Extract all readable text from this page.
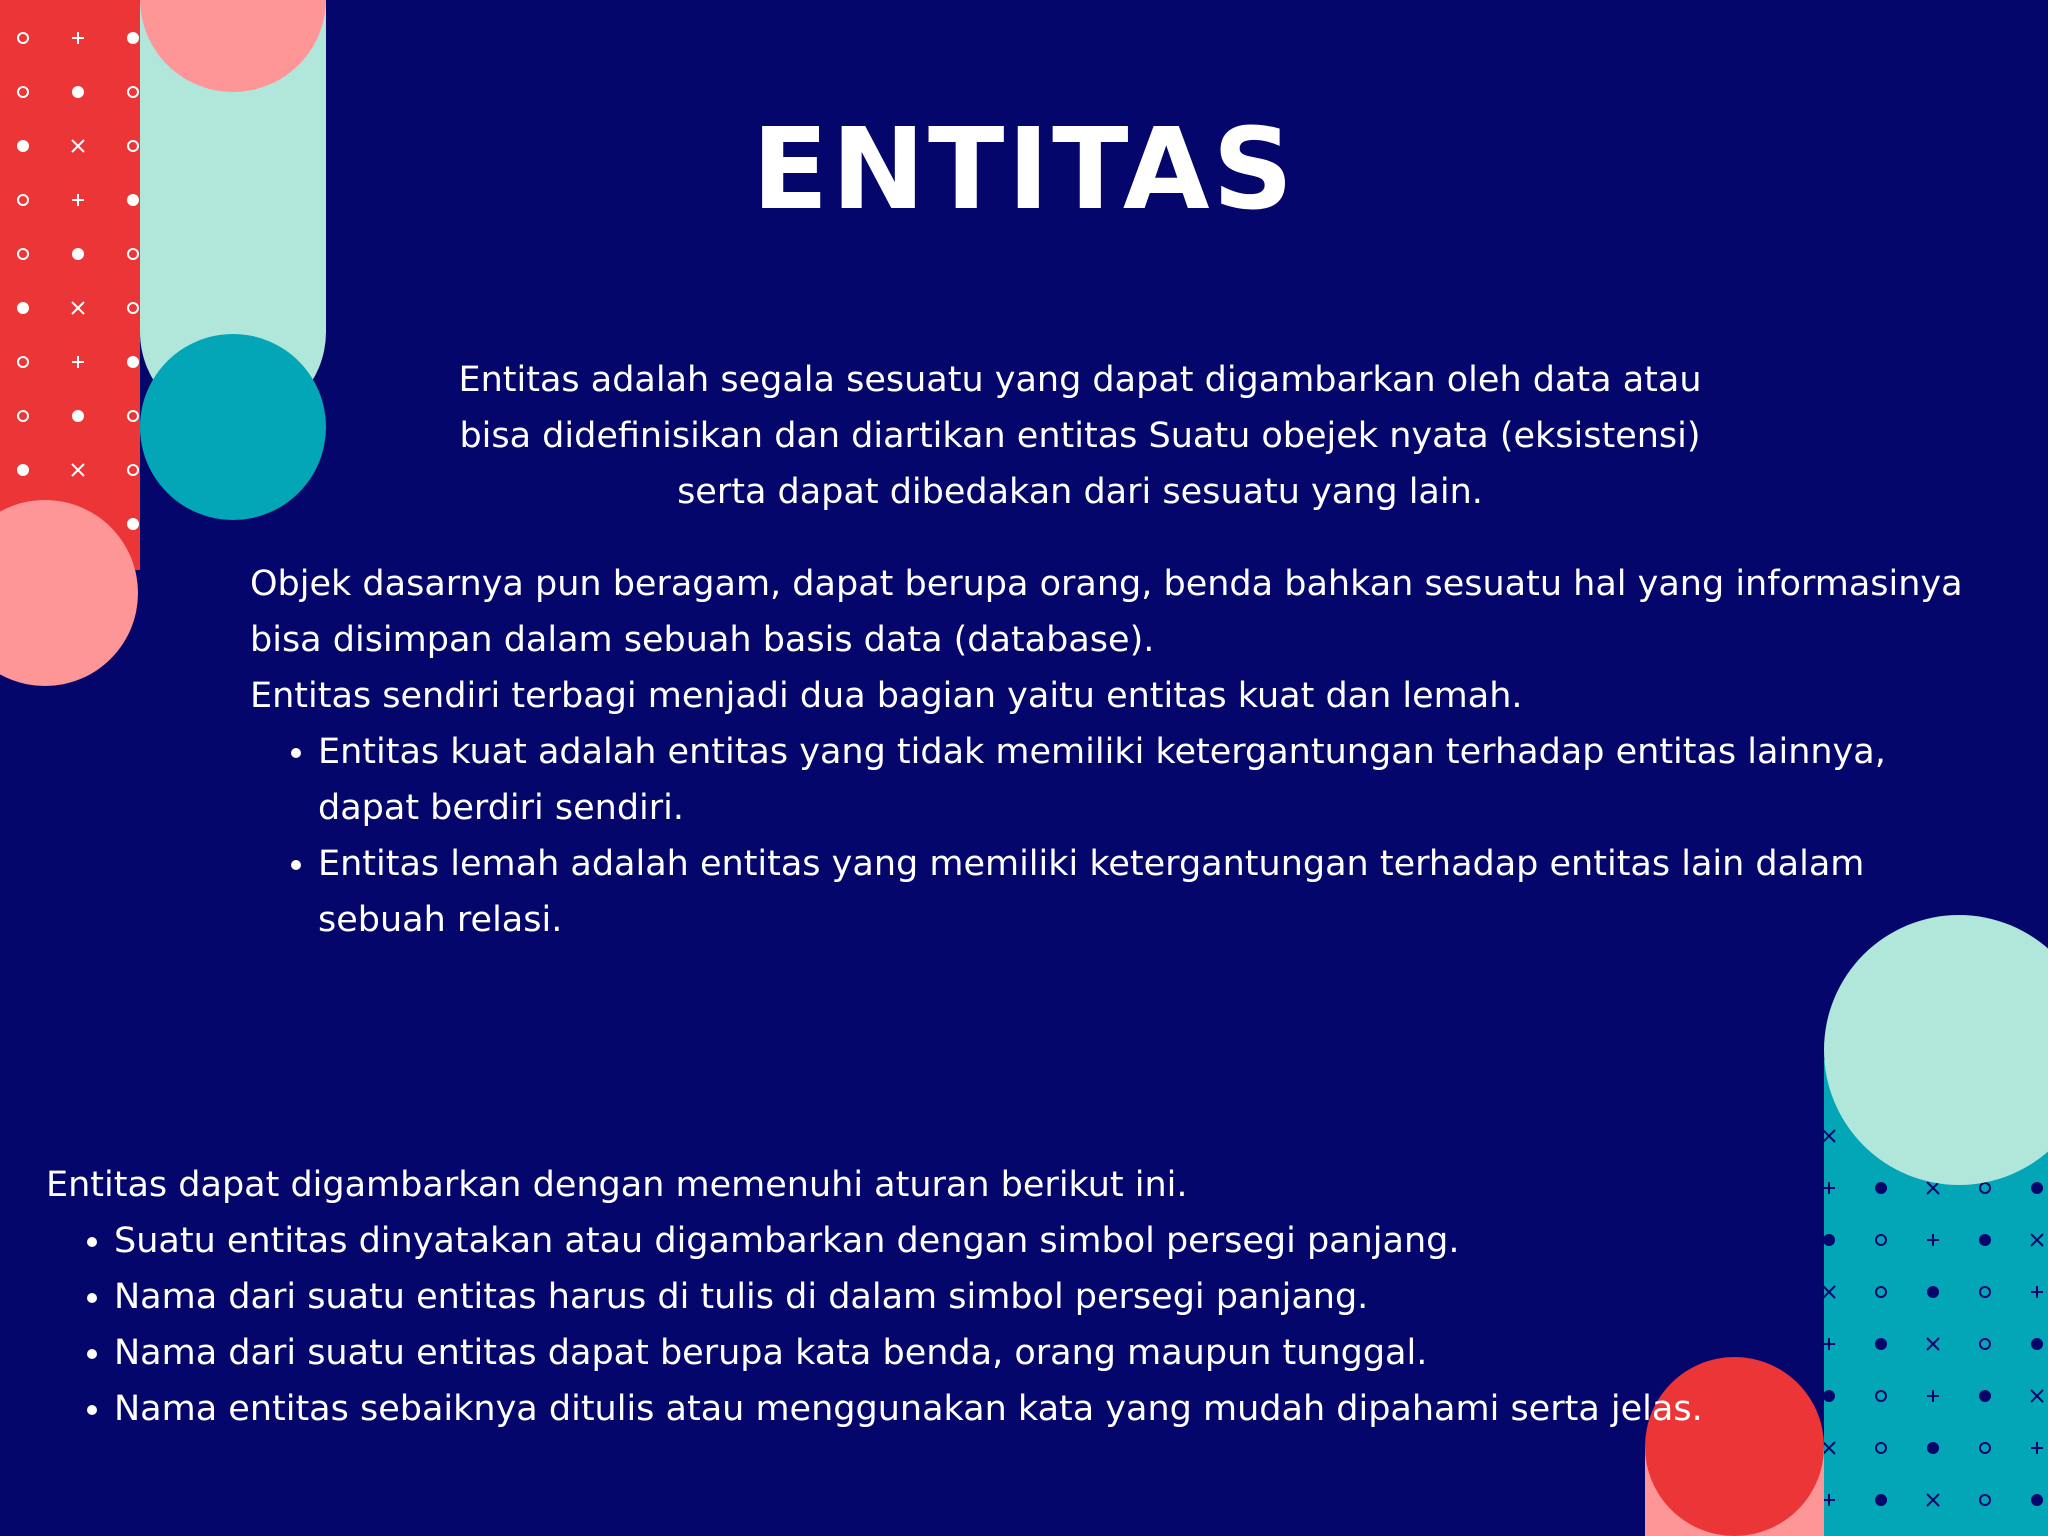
ENTITAS
Entitas adalah segala sesuatu yang dapat digambarkan oleh data atau bisa didefinisikan dan diartikan entitas Suatu obejek nyata (eksistensi) serta dapat dibedakan dari sesuatu yang lain.

Objek dasarnya pun beragam, dapat berupa orang, benda bahkan sesuatu hal yang informasinya bisa disimpan dalam sebuah basis data (database).

Entitas sendiri terbagi menjadi dua bagian yaitu entitas kuat dan lemah.

• Entitas kuat adalah entitas yang tidak memiliki ketergantungan terhadap entitas lainnya, dapat berdiri sendiri.
• Entitas lemah adalah entitas yang memiliki ketergantungan terhadap entitas lain dalam sebuah relasi.

Entitas dapat digambarkan dengan memenuhi aturan berikut ini.

• Suatu entitas dinyatakan atau digambarkan dengan simbol persegi panjang.
• Nama dari suatu entitas harus di tulis di dalam simbol persegi panjang.
• Nama dari suatu entitas dapat berupa kata benda, orang maupun tunggal.
• Nama entitas sebaiknya ditulis atau menggunakan kata yang mudah dipahami serta jelas.
